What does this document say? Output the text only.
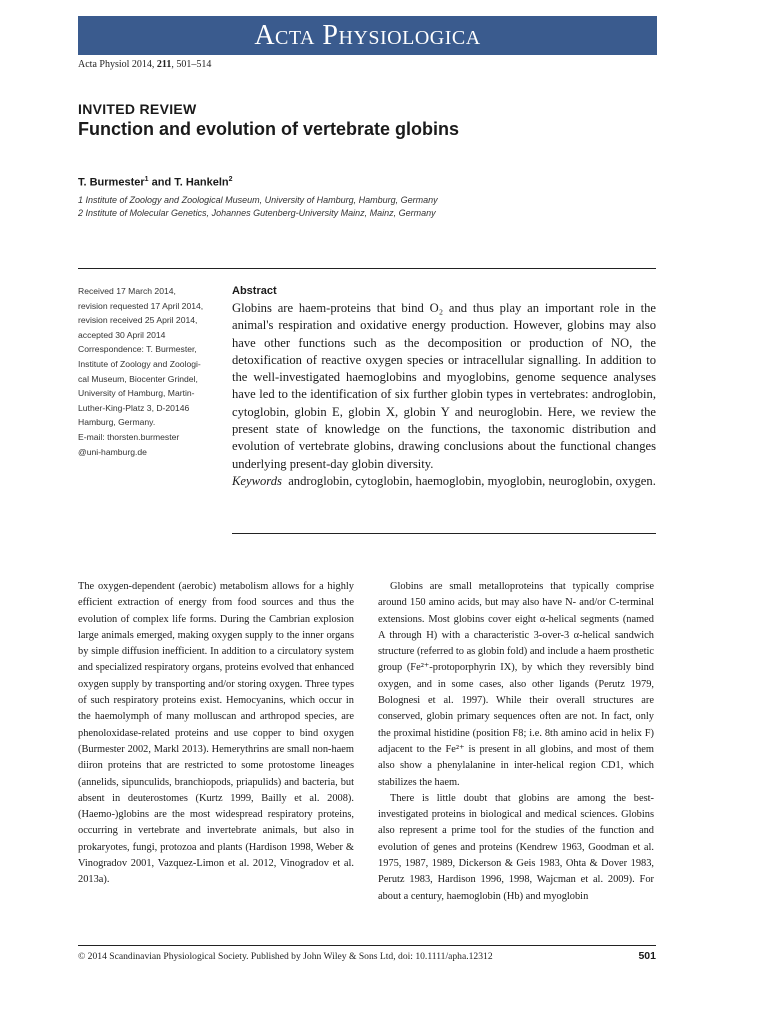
Acta Physiologica
Acta Physiol 2014, 211, 501–514
INVITED REVIEW
Function and evolution of vertebrate globins
T. Burmester$^1$ and T. Hankeln$^2$
1 Institute of Zoology and Zoological Museum, University of Hamburg, Hamburg, Germany
2 Institute of Molecular Genetics, Johannes Gutenberg-University Mainz, Mainz, Germany
Received 17 March 2014,
revision requested 17 April 2014,
revision received 25 April 2014,
accepted 30 April 2014
Correspondence: T. Burmester,
Institute of Zoology and Zoologi-
cal Museum, Biocenter Grindel,
University of Hamburg, Martin-
Luther-King-Platz 3, D-20146
Hamburg, Germany.
E-mail: thorsten.burmester
@uni-hamburg.de
Abstract
Globins are haem-proteins that bind O₂ and thus play an important role in the animal's respiration and oxidative energy production. However, globins may also have other functions such as the decomposition or production of NO, the detoxification of reactive oxygen species or intracellular signalling. In addition to the well-investigated haemoglobins and myoglobins, genome sequence analyses have led to the identification of six further globin types in vertebrates: androglobin, cytoglobin, globin E, globin X, globin Y and neuroglobin. Here, we review the present state of knowledge on the functions, the taxonomic distribution and evolution of vertebrate globins, drawing conclusions about the functional changes underlying present-day globin diversity.
Keywords androglobin, cytoglobin, haemoglobin, myoglobin, neuroglobin, oxygen.

The oxygen-dependent (aerobic) metabolism allows for a highly efficient extraction of energy from food sources and thus the evolution of complex life forms. During the Cambrian explosion large animals emerged, making oxygen supply to the inner organs by simple diffusion inefficient. In addition to a circulatory system and specialized respiratory organs, proteins evolved that enhanced oxygen supply by transporting and/or storing oxygen. Three types of such respiratory proteins exist. Hemocyanins, which occur in the haemolymph of many molluscan and arthropod species, are phenoloxidase-related proteins and use copper to bind oxygen (Burmester 2002, Markl 2013). Hemerythrins are small non-haem diiron proteins that are restricted to some protostome lineages (annelids, sipunculids, branchiopods, priapulids) and bacteria, but absent in deuterostomes (Kurtz 1999, Bailly et al. 2008). (Haemo-)globins are the most widespread respiratory proteins, occurring in vertebrate and invertebrate animals, but also in prokaryotes, fungi, protozoa and plants (Hardison 1998, Weber & Vinogradov 2001, Vazquez-Limon et al. 2012, Vinogradov et al. 2013a).

Globins are small metalloproteins that typically comprise around 150 amino acids, but may also have N- and/or C-terminal extensions. Most globins cover eight α-helical segments (named A through H) with a characteristic 3-over-3 α-helical sandwich structure (referred to as globin fold) and include a haem prosthetic group (Fe²⁺-protoporphyrin IX), by which they reversibly bind oxygen, and in some cases, also other ligands (Perutz 1979, Bolognesi et al. 1997). While their overall structures are conserved, globin primary sequences often are not. In fact, only the proximal histidine (position F8; i.e. 8th amino acid in helix F) adjacent to the Fe²⁺ is present in all globins, and most of them also show a phenylalanine in inter-helical region CD1, which stabilizes the haem.

There is little doubt that globins are among the best-investigated proteins in biological and medical sciences. Globins also represent a prime tool for the studies of the function and evolution of genes and proteins (Kendrew 1963, Goodman et al. 1975, 1987, 1989, Dickerson & Geis 1983, Ohta & Dover 1983, Perutz 1983, Hardison 1996, 1998, Wajcman et al. 2009). For about a century, haemoglobin (Hb) and myoglobin

© 2014 Scandinavian Physiological Society. Published by John Wiley & Sons Ltd, doi: 10.1111/apha.12312	501
